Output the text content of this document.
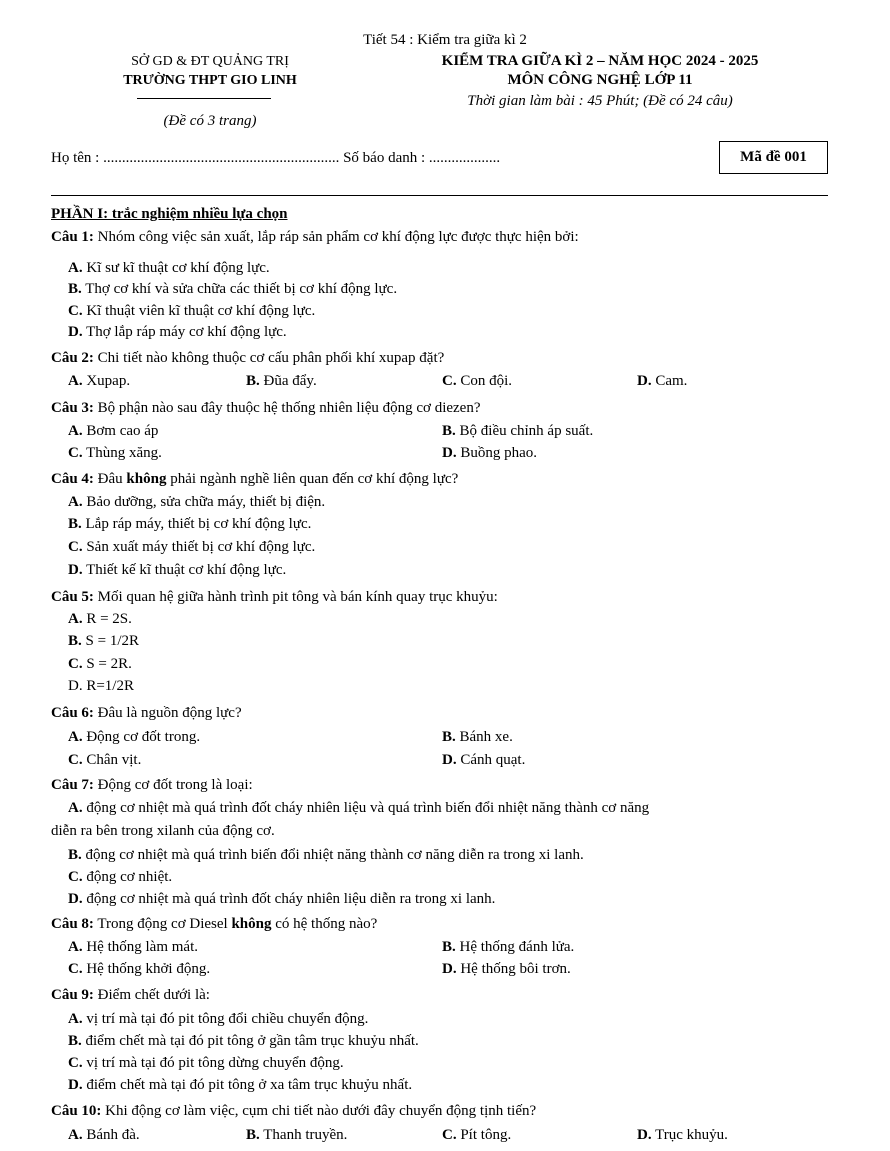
Tiết 54 : Kiểm tra giữa kì 2
SỞ GD & ĐT QUẢNG TRỊ
TRƯỜNG THPT GIO LINH
(Đề có 3 trang)
KIỂM TRA GIỮA KÌ 2 – NĂM HỌC 2024 - 2025
MÔN CÔNG NGHỆ LỚP 11
Thời gian làm bài : 45 Phút; (Đề có 24 câu)
Họ tên : ............................................................... Số báo danh : ...................	Mã đề 001
PHẦN I: trắc nghiệm nhiều lựa chọn
Câu 1: Nhóm công việc sản xuất, lắp ráp sản phẩm cơ khí động lực được thực hiện bởi:
A. Kĩ sư kĩ thuật cơ khí động lực.
B. Thợ cơ khí và sửa chữa các thiết bị cơ khí động lực.
C. Kĩ thuật viên kĩ thuật cơ khí động lực.
D. Thợ lắp ráp máy cơ khí động lực.
Câu 2: Chi tiết nào không thuộc cơ cấu phân phối khí xupap đặt?
A. Xupap.	B. Đũa đẩy.	C. Con đội.	D. Cam.
Câu 3: Bộ phận nào sau đây thuộc hệ thống nhiên liệu động cơ diezen?
A. Bơm cao áp	B. Bộ điều chỉnh áp suất.
C. Thùng xăng.	D. Buồng phao.
Câu 4: Đâu không phải ngành nghề liên quan đến cơ khí động lực?
A. Bảo dưỡng, sửa chữa máy, thiết bị điện.
B. Lắp ráp máy, thiết bị cơ khí động lực.
C. Sản xuất máy thiết bị cơ khí động lực.
D. Thiết kế kĩ thuật cơ khí động lực.
Câu 5: Mối quan hệ giữa hành trình pit tông và bán kính quay trục khuỷu:
A. R = 2S.
B. S = 1/2R
C. S = 2R.
D. R=1/2R
Câu 6: Đâu là nguồn động lực?
A. Động cơ đốt trong.	B. Bánh xe.
C. Chân vịt.	D. Cánh quạt.
Câu 7: Động cơ đốt trong là loại:
A. động cơ nhiệt mà quá trình đốt cháy nhiên liệu và quá trình biến đổi nhiệt năng thành cơ năng
diễn ra bên trong xilanh của động cơ.
B. động cơ nhiệt mà quá trình biến đổi nhiệt năng thành cơ năng diễn ra trong xi lanh.
C. động cơ nhiệt.
D. động cơ nhiệt mà quá trình đốt cháy nhiên liệu diễn ra trong xi lanh.
Câu 8: Trong động cơ Diesel không có hệ thống nào?
A. Hệ thống làm mát.	B. Hệ thống đánh lửa.
C. Hệ thống khởi động.	D. Hệ thống bôi trơn.
Câu 9: Điểm chết dưới là:
A. vị trí mà tại đó pit tông đổi chiều chuyển động.
B. điểm chết mà tại đó pit tông ở gần tâm trục khuỷu nhất.
C. vị trí mà tại đó pit tông dừng chuyển động.
D. điểm chết mà tại đó pit tông ở xa tâm trục khuỷu nhất.
Câu 10: Khi động cơ làm việc, cụm chi tiết nào dưới đây chuyển động tịnh tiến?
A. Bánh đà.	B. Thanh truyền.	C. Pít tông.	D. Trục khuỷu.
